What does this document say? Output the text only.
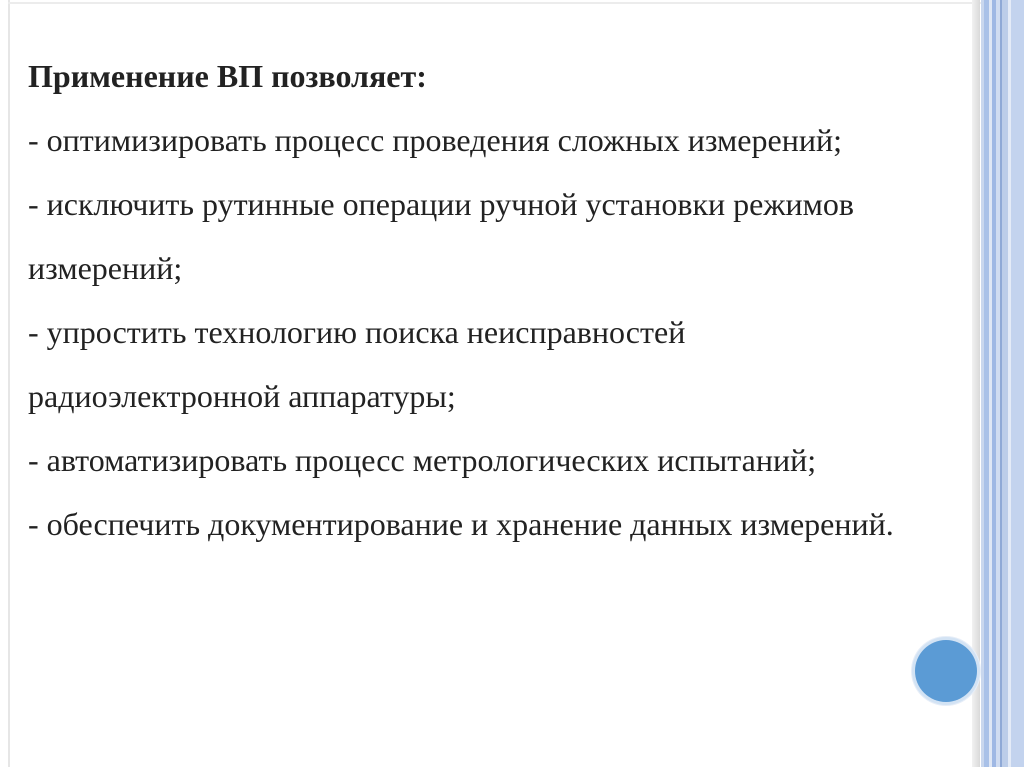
Применение ВП позволяет:
- оптимизировать процесс проведения сложных измерений;
- исключить рутинные операции ручной установки режимов
измерений;
- упростить технологию поиска неисправностей
радиоэлектронной аппаратуры;
- автоматизировать процесс метрологических испытаний;
- обеспечить документирование и хранение данных измерений.
